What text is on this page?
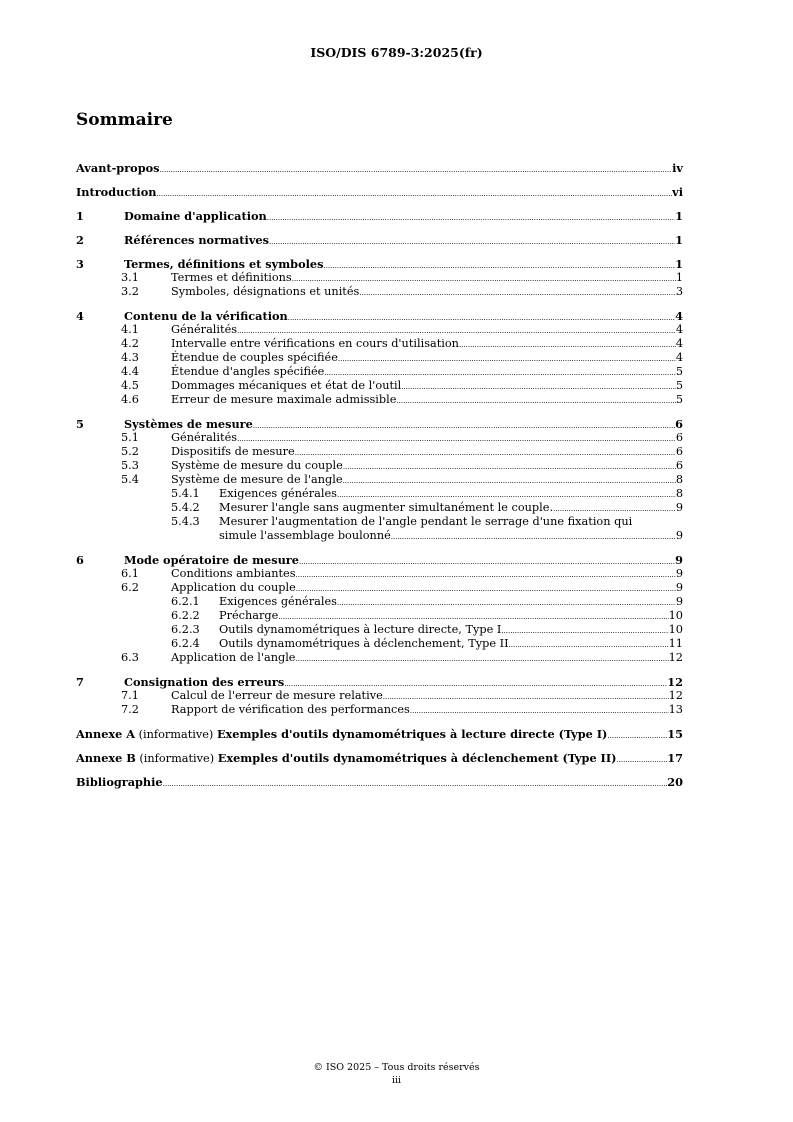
ISO/DIS 6789-3:2025(fr)
Sommaire
Avant-propos .....	iv
Introduction .....	vi
1	Domaine d'application .....	1
2	Références normatives .....	1
3	Termes, définitions et symboles .....	1
3.1	Termes et définitions .....	1
3.2	Symboles, désignations et unités .....	3
4	Contenu de la vérification .....	4
4.1	Généralités .....	4
4.2	Intervalle entre vérifications en cours d'utilisation .....	4
4.3	Étendue de couples spécifiée .....	4
4.4	Étendue d'angles spécifiée .....	5
4.5	Dommages mécaniques et état de l'outil .....	5
4.6	Erreur de mesure maximale admissible .....	5
5	Systèmes de mesure .....	6
5.1	Généralités .....	6
5.2	Dispositifs de mesure .....	6
5.3	Système de mesure du couple .....	6
5.4	Système de mesure de l'angle .....	8
5.4.1	Exigences générales .....	8
5.4.2	Mesurer l'angle sans augmenter simultanément le couple. .....	9
5.4.3	Mesurer l'augmentation de l'angle pendant le serrage d'une fixation qui
simule l'assemblage boulonné .....	9
6	Mode opératoire de mesure .....	9
6.1	Conditions ambiantes .....	9
6.2	Application du couple .....	9
6.2.1	Exigences générales .....	9
6.2.2	Précharge .....	10
6.2.3	Outils dynamométriques à lecture directe, Type I .....	10
6.2.4	Outils dynamométriques à déclenchement, Type II .....	11
6.3	Application de l'angle .....	12
7	Consignation des erreurs .....	12
7.1	Calcul de l'erreur de mesure relative .....	12
7.2	Rapport de vérification des performances .....	13
Annexe A (informative) Exemples d'outils dynamométriques à lecture directe (Type I) .....	15
Annexe B (informative) Exemples d'outils dynamométriques à déclenchement (Type II) .....	17
Bibliographie .....	20
© ISO 2025 – Tous droits réservés
iii
